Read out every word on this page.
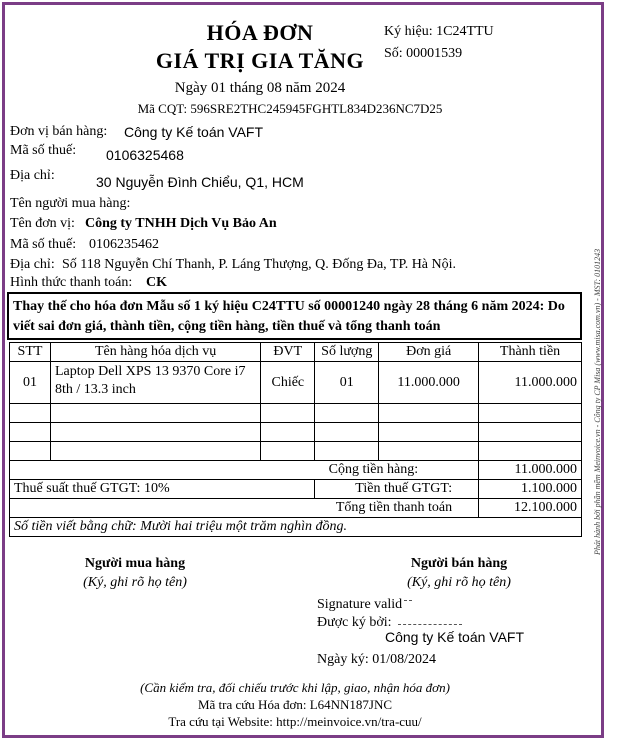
HÓA ĐƠN
GIÁ TRỊ GIA TĂNG
Ký hiệu: 1C24TTU
Số: 00001539
Ngày 01 tháng 08 năm 2024
Mã CQT: 596SRE2THC245945FGHTL834D236NC7D25
Đơn vị bán hàng: Công ty Kế toán VAFT
Mã số thuế: 0106325468
Địa chỉ:	30 Nguyễn Đình Chiểu, Q1, HCM
Tên người mua hàng:
Tên đơn vị: Công ty TNHH Dịch Vụ Bảo An
Mã số thuế: 0106235462
Địa chỉ: Số 118 Nguyễn Chí Thanh, P. Láng Thượng, Q. Đống Đa, TP. Hà Nội.
Hình thức thanh toán: CK
Thay thế cho hóa đơn Mẫu số 1 ký hiệu C24TTU số 00001240 ngày 28 tháng 6 năm 2024: Do viết sai đơn giá, thành tiền, cộng tiền hàng, tiền thuế và tổng thanh toán
STT	Tên hàng hóa dịch vụ	ĐVT	Số lượng	Đơn giá	Thành tiền
01	Laptop Dell XPS 13 9370 Core i7 8th / 13.3 inch	Chiếc	01	11.000.000	11.000.000

Cộng tiền hàng:					11.000.000
Thuế suất thuế GTGT: 10%			Tiền thuế GTGT:		1.100.000
Tổng tiền thanh toán					12.100.000
Số tiền viết bằng chữ: Mười hai triệu một trăm nghìn đồng.					
Người mua hàng
(Ký, ghi rõ họ tên)
Người bán hàng
(Ký, ghi rõ họ tên)
Signature valid
Được ký bởi:
Công ty Kế toán VAFT
Ngày ký: 01/08/2024
(Cần kiểm tra, đối chiếu trước khi lập, giao, nhận hóa đơn)
Mã tra cứu Hóa đơn: L64NN187JNC
Tra cứu tại Website: http://meinvoice.vn/tra-cuu/
Phát hành bởi phần mềm Meinvoice.vn - Công ty CP Misa (www.misa.com.vn) - MST: 0101243
